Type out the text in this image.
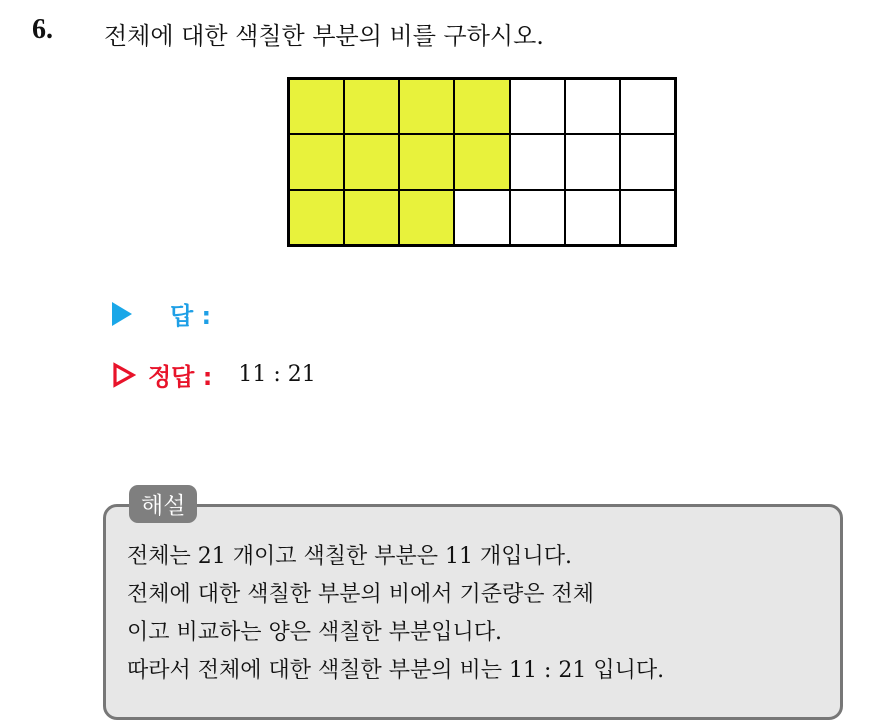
6. 전체에 대한 색칠한 부분의 비를 구하시오.
답 :
정답 : 11 : 21
해설
전체는 21 개이고 색칠한 부분은 11 개입니다.
전체에 대한 색칠한 부분의 비에서 기준량은 전체
이고 비교하는 양은 색칠한 부분입니다.
따라서 전체에 대한 색칠한 부분의 비는 11 : 21 입니다.
